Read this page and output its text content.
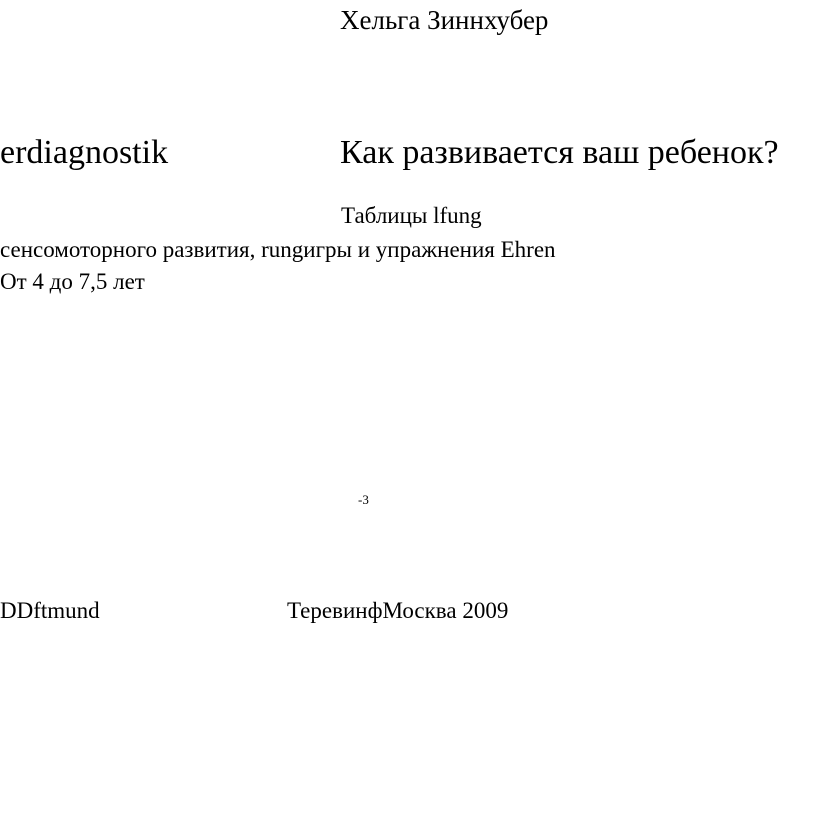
Хельга Зиннхубер
erdiagnostik	Как развивается ваш ребенок?
Таблицы lfung
сенсомоторного развития, rungигры и упражнения Ehren
От 4 до 7,5 лет
-3
DDftmund	ТеревинфМосква 2009
